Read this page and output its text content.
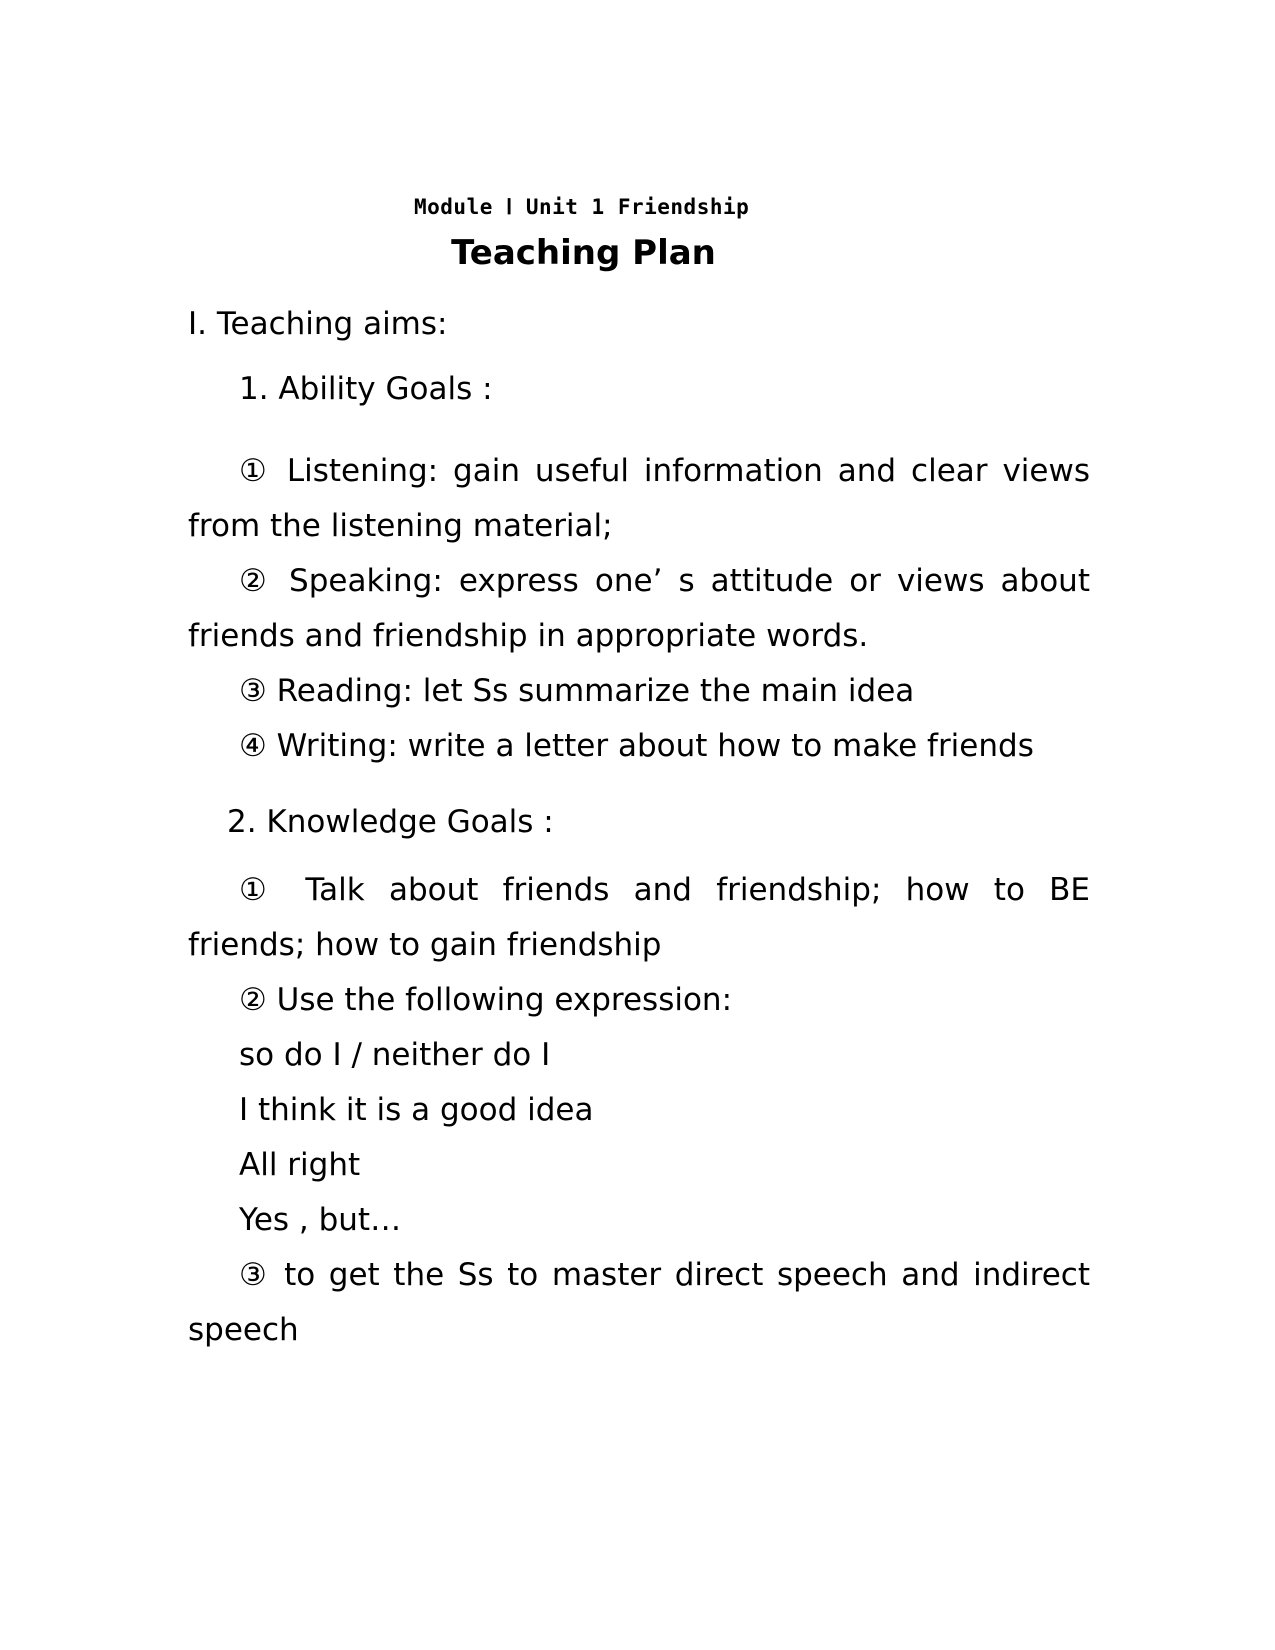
Module Ⅰ Unit 1 Friendship
Teaching Plan
I. Teaching aims:
1. Ability Goals :
① Listening: gain useful information and clear views
from the listening material;
② Speaking: express one’ s attitude or views about
friends and friendship in appropriate words.
③ Reading: let Ss summarize the main idea
④ Writing: write a letter about how to make friends
2. Knowledge Goals :
① Talk about friends and friendship; how to BE
friends; how to gain friendship
② Use the following expression:
so do I / neither do I
I think it is a good idea
All right
Yes , but…
③ to get the Ss to master direct speech and indirect
speech
